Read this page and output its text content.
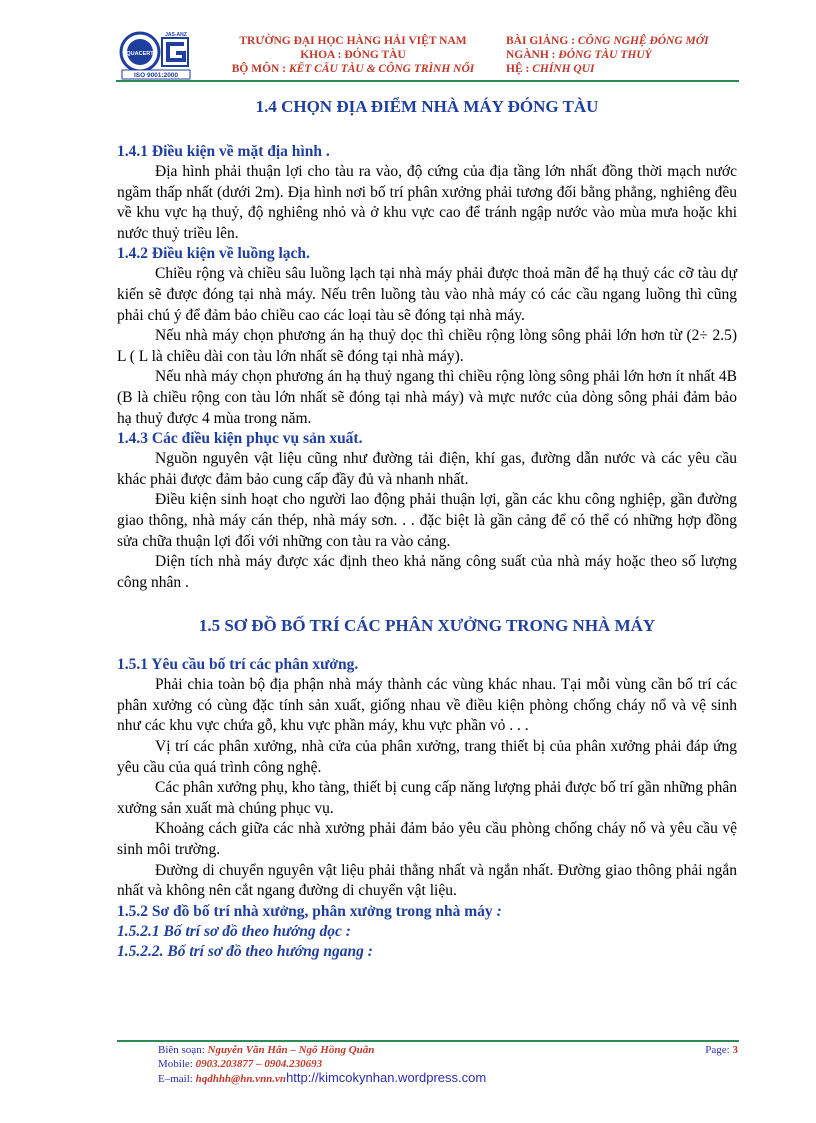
QUACERT
JAS-ANZ
ISO 9001:2000
TRƯỜNG ĐẠI HỌC HÀNG HẢI VIỆT NAM
KHOA : ĐÓNG TÀU
BỘ MÔN : KẾT CẤU TÀU & CÔNG TRÌNH NỔI
BÀI GIẢNG : CÔNG NGHỆ ĐÓNG MỚI
NGÀNH : ĐÓNG TÀU THUỶ
HỆ : CHÍNH QUI
1.4 CHỌN ĐỊA ĐIỂM NHÀ MÁY ĐÓNG TÀU

1.4.1 Điều kiện về mặt địa hình .

Địa hình phải thuận lợi cho tàu ra vào, độ cứng của địa tầng lớn nhất đồng thời mạch nước ngầm thấp nhất (dưới 2m). Địa hình nơi bố trí phân xưởng phải tương đối bằng phẳng, nghiêng đều về khu vực hạ thuỷ, độ nghiêng nhỏ và ở khu vực cao để tránh ngập nước vào mùa mưa hoặc khi nước thuỷ triều lên.

1.4.2 Điều kiện về luồng lạch.

Chiều rộng và chiều sâu luồng lạch tại nhà máy phải được thoả mãn để hạ thuỷ các cỡ tàu dự kiến sẽ được đóng tại nhà máy. Nếu trên luồng tàu vào nhà máy có các cầu ngang luồng thì cũng phải chú ý để đảm bảo chiều cao các loại tàu sẽ đóng tại nhà máy.

Nếu nhà máy chọn phương án hạ thuỷ dọc thì chiều rộng lòng sông phải lớn hơn từ (2÷ 2.5) L ( L là chiều dài con tàu lớn nhất sẽ đóng tại nhà máy).

Nếu nhà máy chọn phương án hạ thuỷ ngang thì chiều rộng lòng sông phải lớn hơn ít nhất 4B (B là chiều rộng con tàu lớn nhất sẽ đóng tại nhà máy) và mực nước của dòng sông phải đảm bảo hạ thuỷ được 4 mùa trong năm.

1.4.3 Các điều kiện phục vụ sản xuất.

Nguồn nguyên vật liệu cũng như đường tải điện, khí gas, đường dẫn nước và các yêu cầu khác phải được đảm bảo cung cấp đầy đủ và nhanh nhất.

Điều kiện sinh hoạt cho người lao động phải thuận lợi, gần các khu công nghiệp, gần đường giao thông, nhà máy cán thép, nhà máy sơn. . . đặc biệt là gần cảng để có thể có những hợp đồng sửa chữa thuận lợi đối với những con tàu ra vào cảng.

Diện tích nhà máy được xác định theo khả năng công suất của nhà máy hoặc theo số lượng công nhân .

1.5 SƠ ĐỒ BỐ TRÍ CÁC PHÂN XƯỞNG TRONG NHÀ MÁY

1.5.1 Yêu cầu bố trí các phân xưởng.

Phải chia toàn bộ địa phận nhà máy thành các vùng khác nhau. Tại mỗi vùng cần bố trí các phân xưởng có cùng đặc tính sản xuất, giống nhau về điều kiện phòng chống cháy nổ và vệ sinh như các khu vực chứa gỗ, khu vực phần máy, khu vực phần vỏ . . .

Vị trí các phân xưởng, nhà cửa của phân xưởng, trang thiết bị của phân xưởng phải đáp ứng yêu cầu của quá trình công nghệ.

Các phân xưởng phụ, kho tàng, thiết bị cung cấp năng lượng phải được bố trí gần những phân xưởng sản xuất mà chúng phục vụ.

Khoảng cách giữa các nhà xưởng phải đảm bảo yêu cầu phòng chống cháy nổ và yêu cầu vệ sinh môi trường.

Đường di chuyển nguyên vật liệu phải thẳng nhất và ngắn nhất. Đường giao thông phải ngắn nhất và không nên cắt ngang đường di chuyển vật liệu.

1.5.2 Sơ đồ bố trí nhà xưởng, phân xưởng trong nhà máy :

1.5.2.1 Bố trí sơ đồ theo hướng dọc :

1.5.2.2. Bố trí sơ đồ theo hướng ngang :

Biên soạn: Nguyễn Văn Hân – Ngô Hồng Quân
Mobile: 0903.203877 – 0904.230693
E–mail: hqdhhh@hn.vnn.vnhttp://kimcokynhan.wordpress.com
Page: 3
